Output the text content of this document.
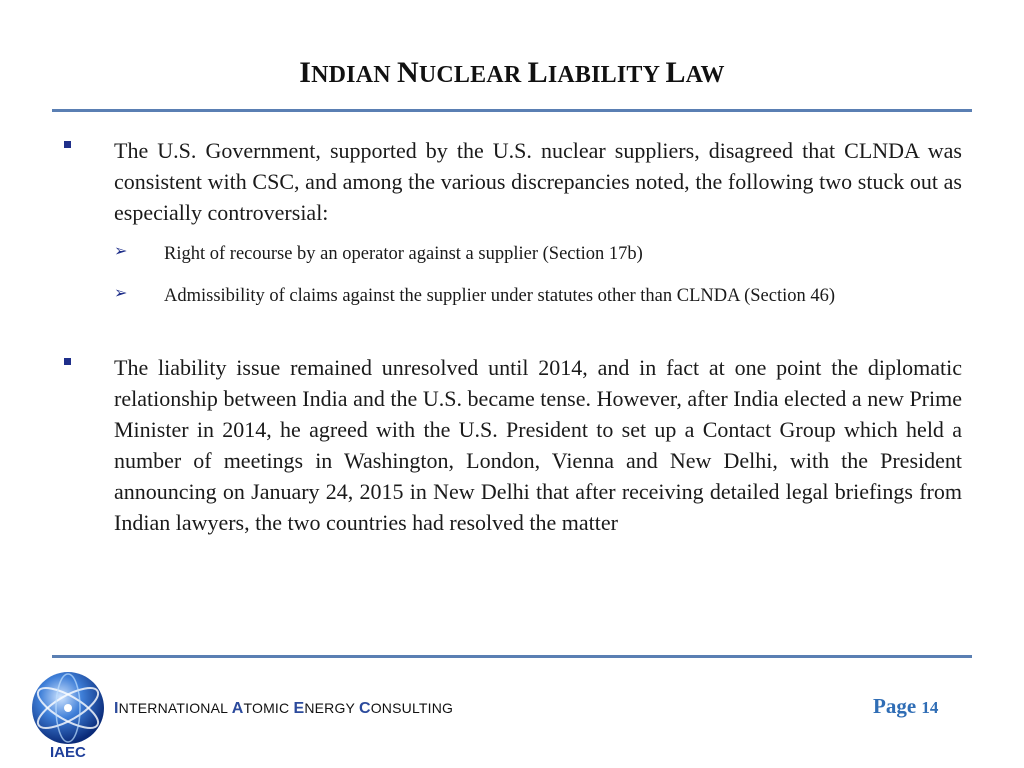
INDIAN NUCLEAR LIABILITY LAW
The U.S. Government, supported by the U.S. nuclear suppliers, disagreed that CLNDA was consistent with CSC, and among the various discrepancies noted, the following two stuck out as especially controversial:
➢ Right of recourse by an operator against a supplier (Section 17b)
➢ Admissibility of claims against the supplier under statutes other than CLNDA (Section 46)
The liability issue remained unresolved until 2014, and in fact at one point the diplomatic relationship between India and the U.S. became tense. However, after India elected a new Prime Minister in 2014, he agreed with the U.S. President to set up a Contact Group which held a number of meetings in Washington, London, Vienna and New Delhi, with the President announcing on January 24, 2015 in New Delhi that after receiving detailed legal briefings from Indian lawyers, the two countries had resolved the matter
IAEC
INTERNATIONAL ATOMIC ENERGY CONSULTING	Page 14
